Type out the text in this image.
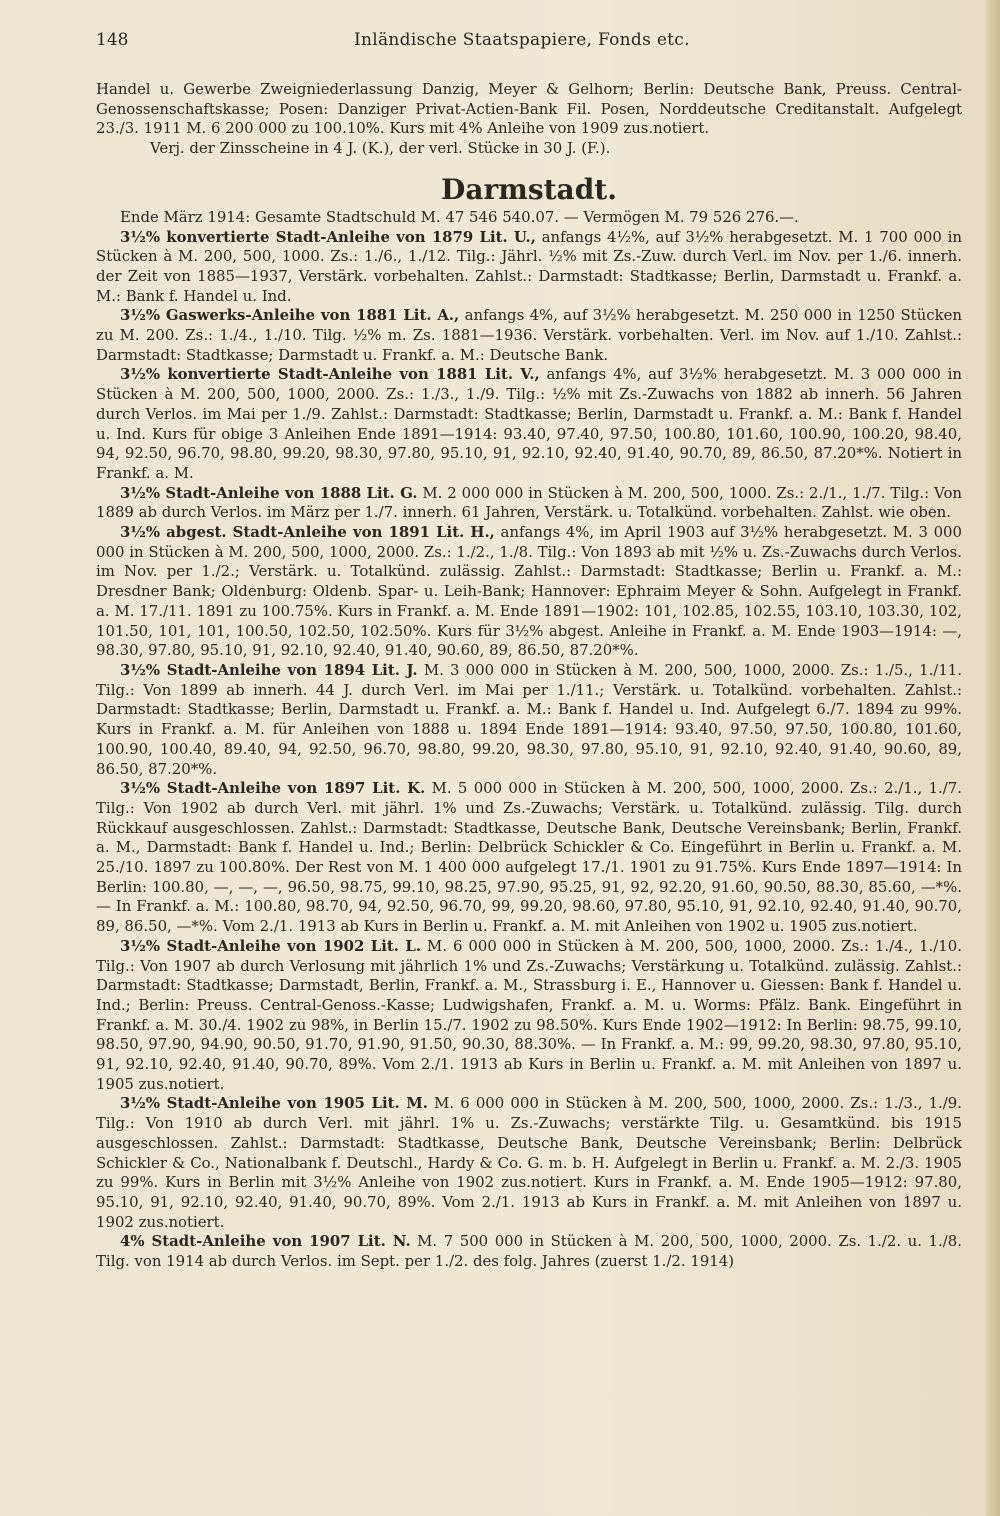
148	Inländische Staatspapiere, Fonds etc.

Handel u. Gewerbe Zweigniederlassung Danzig, Meyer & Gelhorn; Berlin: Deutsche Bank, Preuss. Central-Genossenschaftskasse; Posen: Danziger Privat-Actien-Bank Fil. Posen, Norddeutsche Creditanstalt. Aufgelegt 23./3. 1911 M. 6 200 000 zu 100.10%. Kurs mit 4% Anleihe von 1909 zus.notiert.

Verj. der Zinsscheine in 4 J. (K.), der verl. Stücke in 30 J. (F.).

Darmstadt.

Ende März 1914: Gesamte Stadtschuld M. 47 546 540.07. — Vermögen M. 79 526 276.—.

3½% konvertierte Stadt-Anleihe von 1879 Lit. U., anfangs 4½%, auf 3½% herabgesetzt. M. 1 700 000 in Stücken à M. 200, 500, 1000. Zs.: 1./6., 1./12. Tilg.: Jährl. ½% mit Zs.-Zuw. durch Verl. im Nov. per 1./6. innerh. der Zeit von 1885—1937, Verstärk. vorbehalten. Zahlst.: Darmstadt: Stadtkasse; Berlin, Darmstadt u. Frankf. a. M.: Bank f. Handel u. Ind.

3½% Gaswerks-Anleihe von 1881 Lit. A., anfangs 4%, auf 3½% herabgesetzt. M. 250 000 in 1250 Stücken zu M. 200. Zs.: 1./4., 1./10. Tilg. ½% m. Zs. 1881—1936. Verstärk. vorbehalten. Verl. im Nov. auf 1./10. Zahlst.: Darmstadt: Stadtkasse; Darmstadt u. Frankf. a. M.: Deutsche Bank.

3½% konvertierte Stadt-Anleihe von 1881 Lit. V., anfangs 4%, auf 3½% herabgesetzt. M. 3 000 000 in Stücken à M. 200, 500, 1000, 2000. Zs.: 1./3., 1./9. Tilg.: ½% mit Zs.-Zuwachs von 1882 ab innerh. 56 Jahren durch Verlos. im Mai per 1./9. Zahlst.: Darmstadt: Stadtkasse; Berlin, Darmstadt u. Frankf. a. M.: Bank f. Handel u. Ind. Kurs für obige 3 Anleihen Ende 1891—1914: 93.40, 97.40, 97.50, 100.80, 101.60, 100.90, 100.20, 98.40, 94, 92.50, 96.70, 98.80, 99.20, 98.30, 97.80, 95.10, 91, 92.10, 92.40, 91.40, 90.70, 89, 86.50, 87.20*%. Notiert in Frankf. a. M.

3½% Stadt-Anleihe von 1888 Lit. G. M. 2 000 000 in Stücken à M. 200, 500, 1000. Zs.: 2./1., 1./7. Tilg.: Von 1889 ab durch Verlos. im März per 1./7. innerh. 61 Jahren, Verstärk. u. Totalkünd. vorbehalten. Zahlst. wie oben.

3½% abgest. Stadt-Anleihe von 1891 Lit. H., anfangs 4%, im April 1903 auf 3½% herabgesetzt. M. 3 000 000 in Stücken à M. 200, 500, 1000, 2000. Zs.: 1./2., 1./8. Tilg.: Von 1893 ab mit ½% u. Zs.-Zuwachs durch Verlos. im Nov. per 1./2.; Verstärk. u. Totalkünd. zulässig. Zahlst.: Darmstadt: Stadtkasse; Berlin u. Frankf. a. M.: Dresdner Bank; Oldenburg: Oldenb. Spar- u. Leih-Bank; Hannover: Ephraim Meyer & Sohn. Aufgelegt in Frankf. a. M. 17./11. 1891 zu 100.75%. Kurs in Frankf. a. M. Ende 1891—1902: 101, 102.85, 102.55, 103.10, 103.30, 102, 101.50, 101, 101, 100.50, 102.50, 102.50%. Kurs für 3½% abgest. Anleihe in Frankf. a. M. Ende 1903—1914: —, 98.30, 97.80, 95.10, 91, 92.10, 92.40, 91.40, 90.60, 89, 86.50, 87.20*%.

3½% Stadt-Anleihe von 1894 Lit. J. M. 3 000 000 in Stücken à M. 200, 500, 1000, 2000. Zs.: 1./5., 1./11. Tilg.: Von 1899 ab innerh. 44 J. durch Verl. im Mai per 1./11.; Verstärk. u. Totalkünd. vorbehalten. Zahlst.: Darmstadt: Stadtkasse; Berlin, Darmstadt u. Frankf. a. M.: Bank f. Handel u. Ind. Aufgelegt 6./7. 1894 zu 99%. Kurs in Frankf. a. M. für Anleihen von 1888 u. 1894 Ende 1891—1914: 93.40, 97.50, 97.50, 100.80, 101.60, 100.90, 100.40, 89.40, 94, 92.50, 96.70, 98.80, 99.20, 98.30, 97.80, 95.10, 91, 92.10, 92.40, 91.40, 90.60, 89, 86.50, 87.20*%.

3½% Stadt-Anleihe von 1897 Lit. K. M. 5 000 000 in Stücken à M. 200, 500, 1000, 2000. Zs.: 2./1., 1./7. Tilg.: Von 1902 ab durch Verl. mit jährl. 1% und Zs.-Zuwachs; Verstärk. u. Totalkünd. zulässig. Tilg. durch Rückkauf ausgeschlossen. Zahlst.: Darmstadt: Stadtkasse, Deutsche Bank, Deutsche Vereinsbank; Berlin, Frankf. a. M., Darmstadt: Bank f. Handel u. Ind.; Berlin: Delbrück Schickler & Co. Eingeführt in Berlin u. Frankf. a. M. 25./10. 1897 zu 100.80%. Der Rest von M. 1 400 000 aufgelegt 17./1. 1901 zu 91.75%. Kurs Ende 1897—1914: In Berlin: 100.80, —, —, —, 96.50, 98.75, 99.10, 98.25, 97.90, 95.25, 91, 92, 92.20, 91.60, 90.50, 88.30, 85.60, —*%. — In Frankf. a. M.: 100.80, 98.70, 94, 92.50, 96.70, 99, 99.20, 98.60, 97.80, 95.10, 91, 92.10, 92.40, 91.40, 90.70, 89, 86.50, —*%. Vom 2./1. 1913 ab Kurs in Berlin u. Frankf. a. M. mit Anleihen von 1902 u. 1905 zus.notiert.

3½% Stadt-Anleihe von 1902 Lit. L. M. 6 000 000 in Stücken à M. 200, 500, 1000, 2000. Zs.: 1./4., 1./10. Tilg.: Von 1907 ab durch Verlosung mit jährlich 1% und Zs.-Zuwachs; Verstärkung u. Totalkünd. zulässig. Zahlst.: Darmstadt: Stadtkasse; Darmstadt, Berlin, Frankf. a. M., Strassburg i. E., Hannover u. Giessen: Bank f. Handel u. Ind.; Berlin: Preuss. Central-Genoss.-Kasse; Ludwigshafen, Frankf. a. M. u. Worms: Pfälz. Bank. Eingeführt in Frankf. a. M. 30./4. 1902 zu 98%, in Berlin 15./7. 1902 zu 98.50%. Kurs Ende 1902—1912: In Berlin: 98.75, 99.10, 98.50, 97.90, 94.90, 90.50, 91.70, 91.90, 91.50, 90.30, 88.30%. — In Frankf. a. M.: 99, 99.20, 98.30, 97.80, 95.10, 91, 92.10, 92.40, 91.40, 90.70, 89%. Vom 2./1. 1913 ab Kurs in Berlin u. Frankf. a. M. mit Anleihen von 1897 u. 1905 zus.notiert.

3½% Stadt-Anleihe von 1905 Lit. M. M. 6 000 000 in Stücken à M. 200, 500, 1000, 2000. Zs.: 1./3., 1./9. Tilg.: Von 1910 ab durch Verl. mit jährl. 1% u. Zs.-Zuwachs; verstärkte Tilg. u. Gesamtkünd. bis 1915 ausgeschlossen. Zahlst.: Darmstadt: Stadtkasse, Deutsche Bank, Deutsche Vereinsbank; Berlin: Delbrück Schickler & Co., Nationalbank f. Deutschl., Hardy & Co. G. m. b. H. Aufgelegt in Berlin u. Frankf. a. M. 2./3. 1905 zu 99%. Kurs in Berlin mit 3½% Anleihe von 1902 zus.notiert. Kurs in Frankf. a. M. Ende 1905—1912: 97.80, 95.10, 91, 92.10, 92.40, 91.40, 90.70, 89%. Vom 2./1. 1913 ab Kurs in Frankf. a. M. mit Anleihen von 1897 u. 1902 zus.notiert.

4% Stadt-Anleihe von 1907 Lit. N. M. 7 500 000 in Stücken à M. 200, 500, 1000, 2000. Zs. 1./2. u. 1./8. Tilg. von 1914 ab durch Verlos. im Sept. per 1./2. des folg. Jahres (zuerst 1./2. 1914)
